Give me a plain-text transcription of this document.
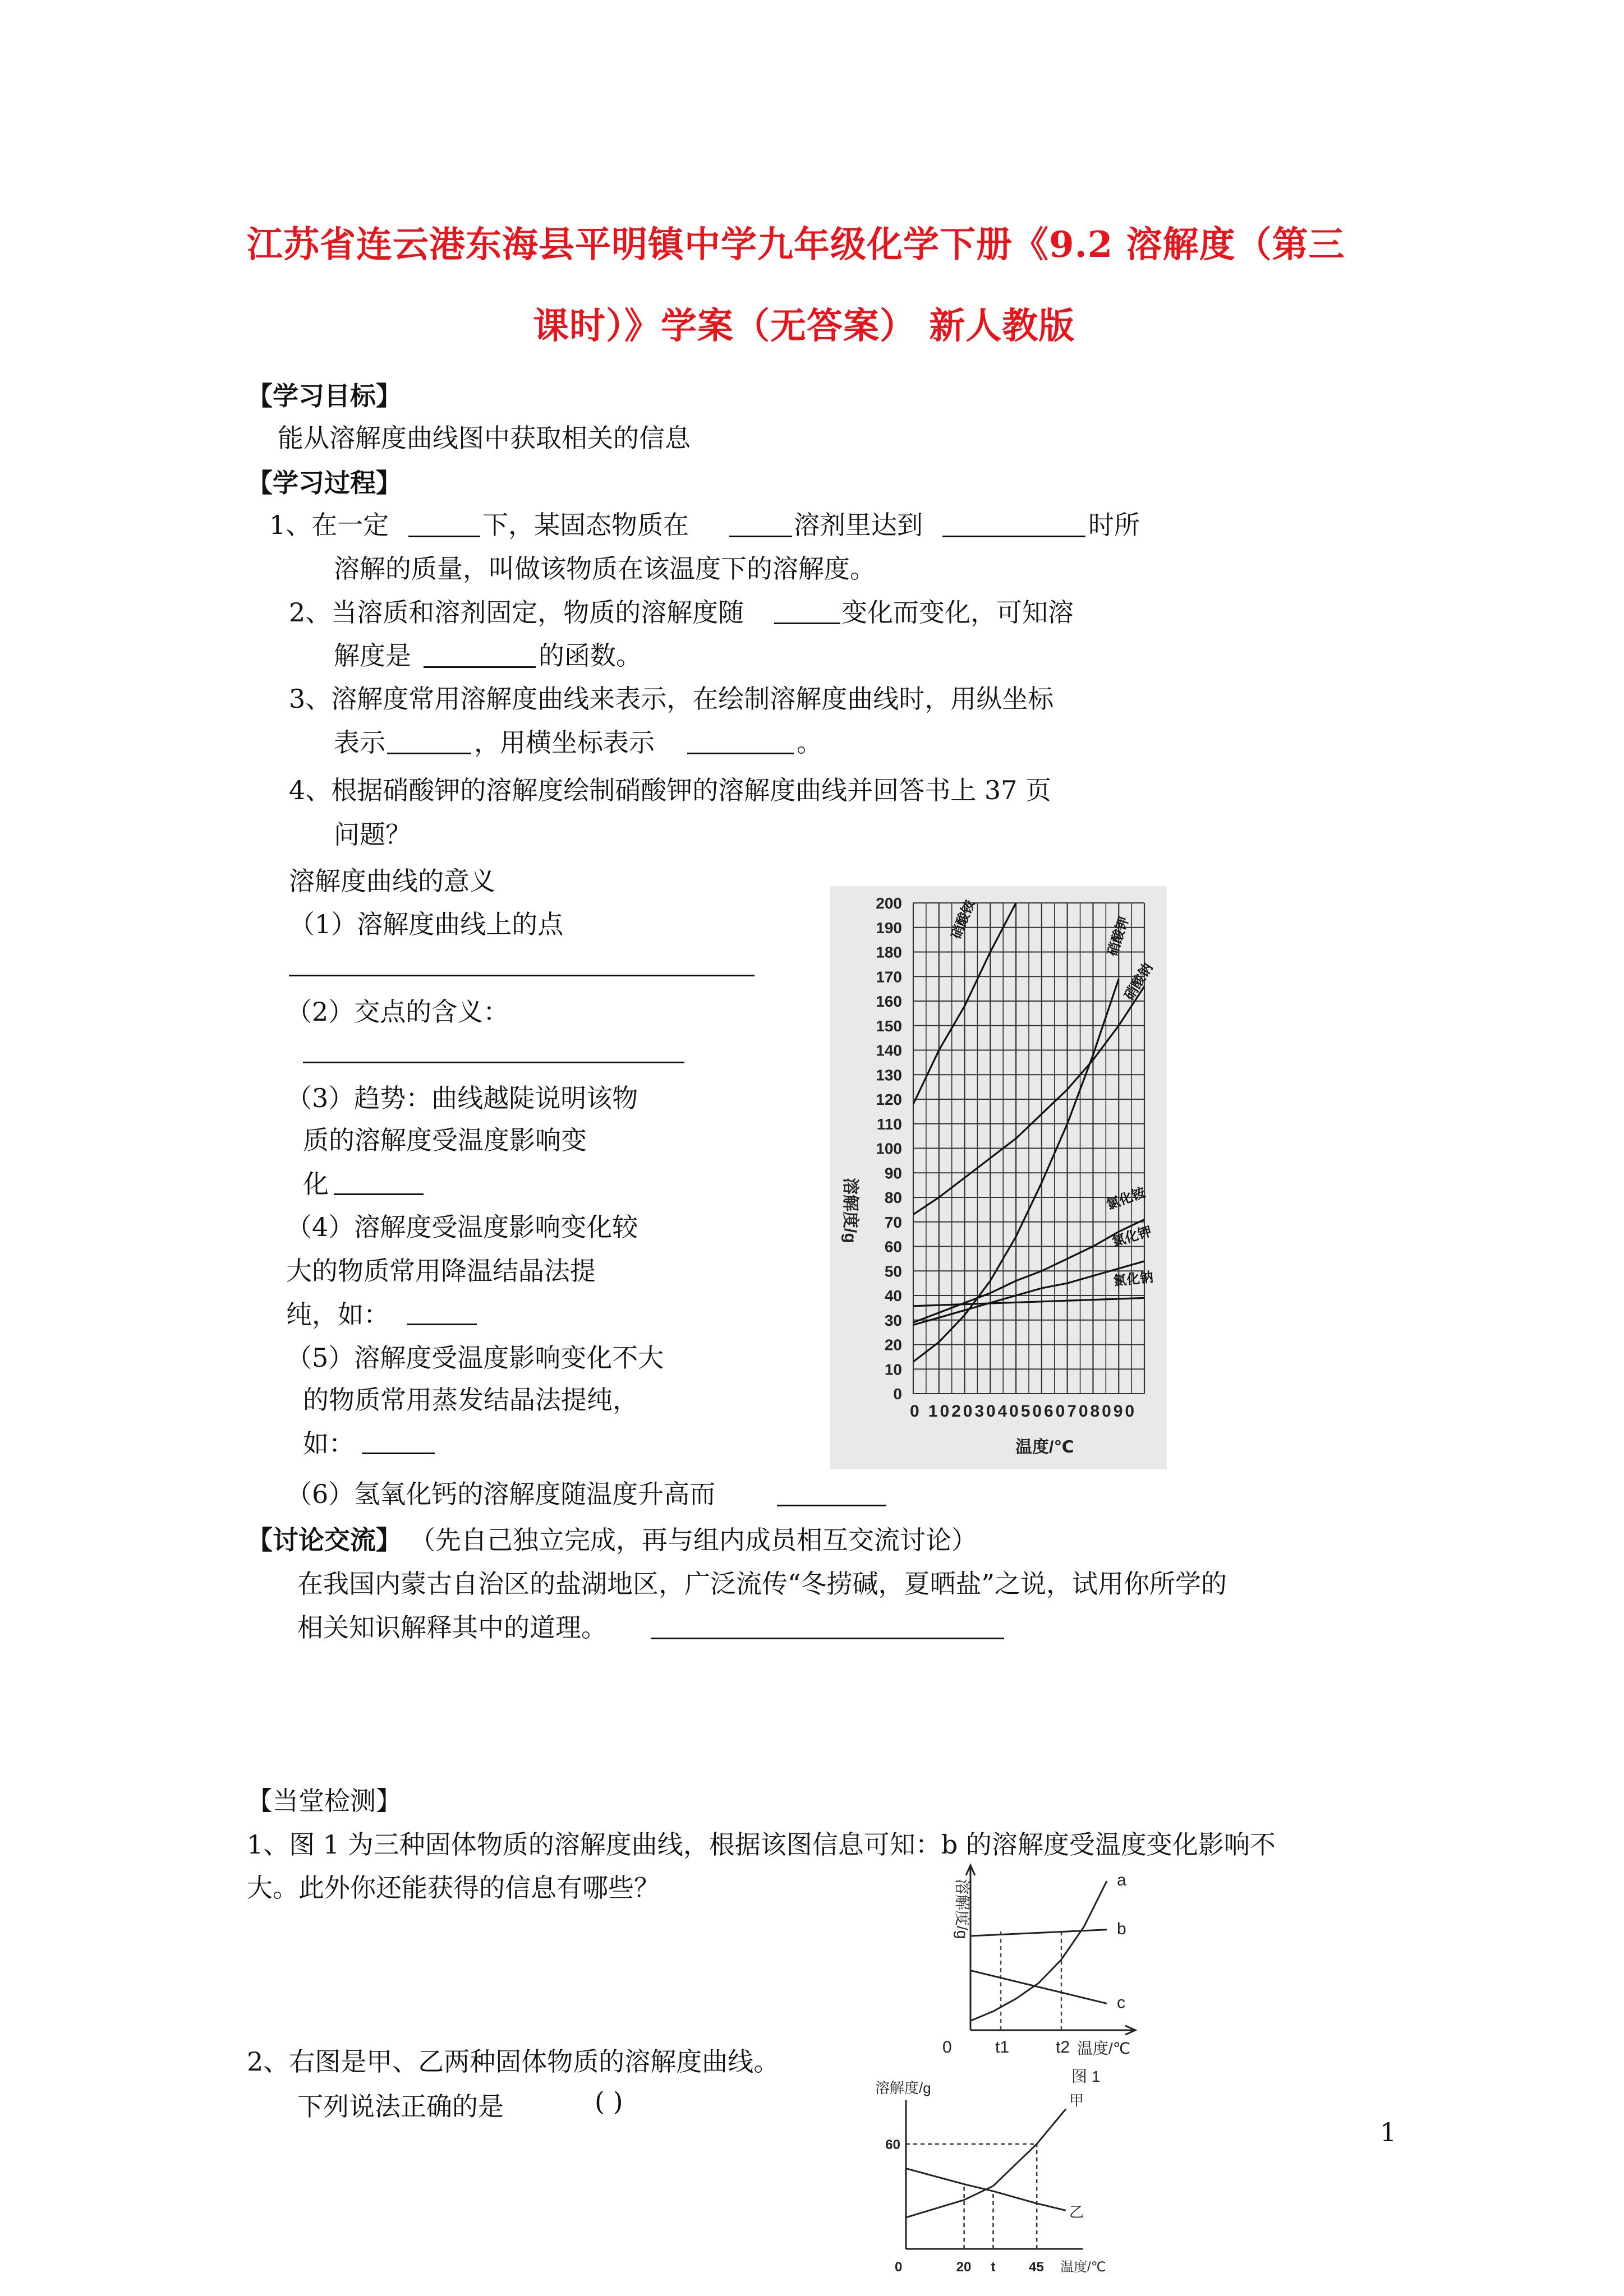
江苏省连云港东海县平明镇中学九年级化学下册《9.2 溶解度（第三
课时）》学案（无答案） 新人教版
【学习目标】
能从溶解度曲线图中获取相关的信息
【学习过程】
1、在一定	下，某固态物质在	溶剂里达到	时所
溶解的质量，叫做该物质在该温度下的溶解度。
2、当溶质和溶剂固定，物质的溶解度随	变化而变化，可知溶
解度是	的函数。
3、溶解度常用溶解度曲线来表示，在绘制溶解度曲线时，用纵坐标
表示	，用横坐标表示	。
4、根据硝酸钾的溶解度绘制硝酸钾的溶解度曲线并回答书上 37 页
问题？
溶解度曲线的意义
（1）溶解度曲线上的点
（2）交点的含义：
（3）趋势：曲线越陡说明该物
质的溶解度受温度影响变
化
（4）溶解度受温度影响变化较
大的物质常用降温结晶法提
纯，如：
（5）溶解度受温度影响变化不大
的物质常用蒸发结晶法提纯，
如：
（6）氢氧化钙的溶解度随温度升高而
【讨论交流】 （先自己独立完成，再与组内成员相互交流讨论）
在我国内蒙古自治区的盐湖地区，广泛流传“冬捞碱，夏晒盐”之说，试用你所学的
相关知识解释其中的道理。
【当堂检测】
1、图 1 为三种固体物质的溶解度曲线，根据该图信息可知：b 的溶解度受温度变化影响不
大。此外你还能获得的信息有哪些？
2、右图是甲、乙两种固体物质的溶解度曲线。
下列说法正确的是	( )
1
硝酸铵	硝酸钾
硝酸钠
氯化铵
氯化钾
氯化钠
0
10
20
30
40
50
60
70
80
90
100
110
120
130
140
150
160
170
180
190
200
0 102030405060708090
溶解度/g
温度/℃
a
b
c
溶解度/g
0	t1	t2 温度/℃
图 1
甲
乙
溶解度/g
60
0	20 t 45 温度/℃
